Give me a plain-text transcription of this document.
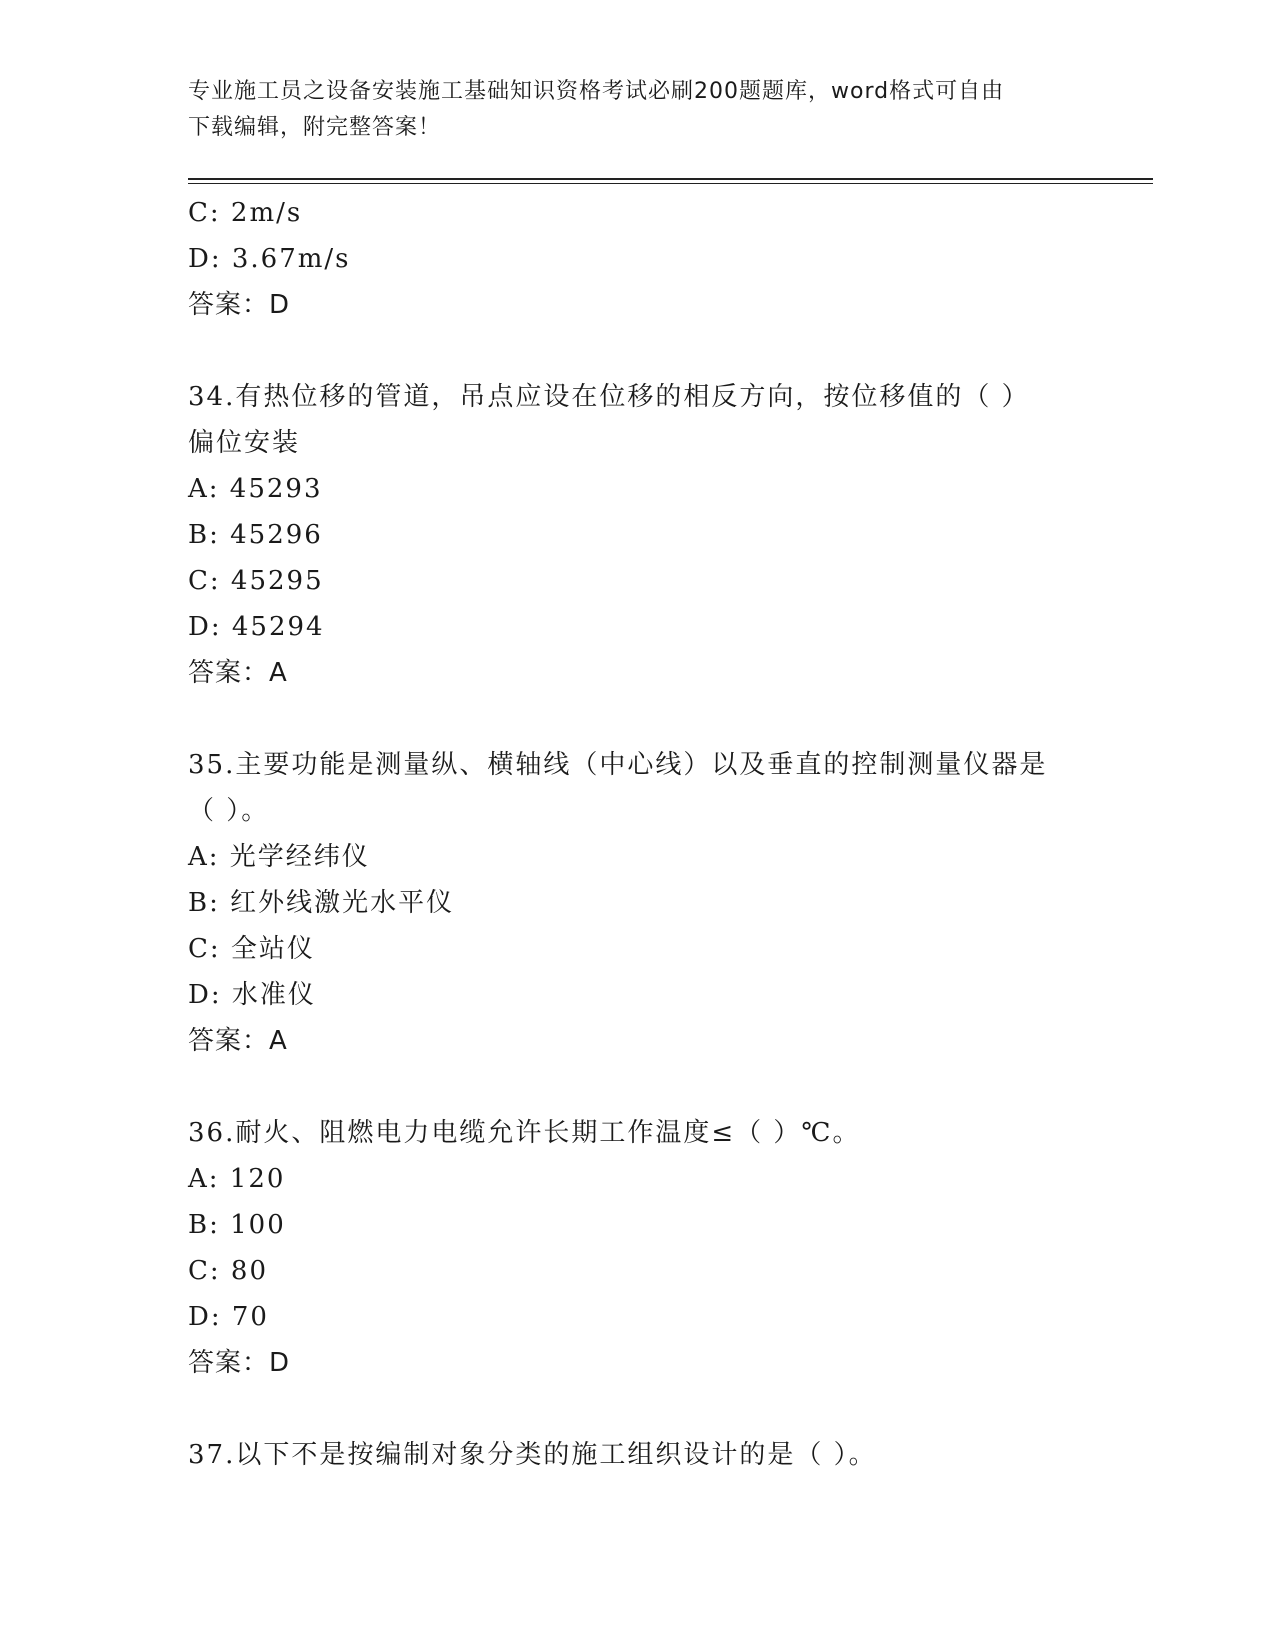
专业施工员之设备安装施工基础知识资格考试必刷200题题库，word格式可自由
下载编辑，附完整答案！
C: 2m/s
D: 3.67m/s
答案：D
34.有热位移的管道，吊点应设在位移的相反方向，按位移值的（ ）
偏位安装
A: 45293
B: 45296
C: 45295
D: 45294
答案：A
35.主要功能是测量纵、横轴线（中心线）以及垂直的控制测量仪器是
（ ）。
A: 光学经纬仪
B: 红外线激光水平仪
C: 全站仪
D: 水准仪
答案：A
36.耐火、阻燃电力电缆允许长期工作温度≤（ ）℃。
A: 120
B: 100
C: 80
D: 70
答案：D
37.以下不是按编制对象分类的施工组织设计的是（ ）。
